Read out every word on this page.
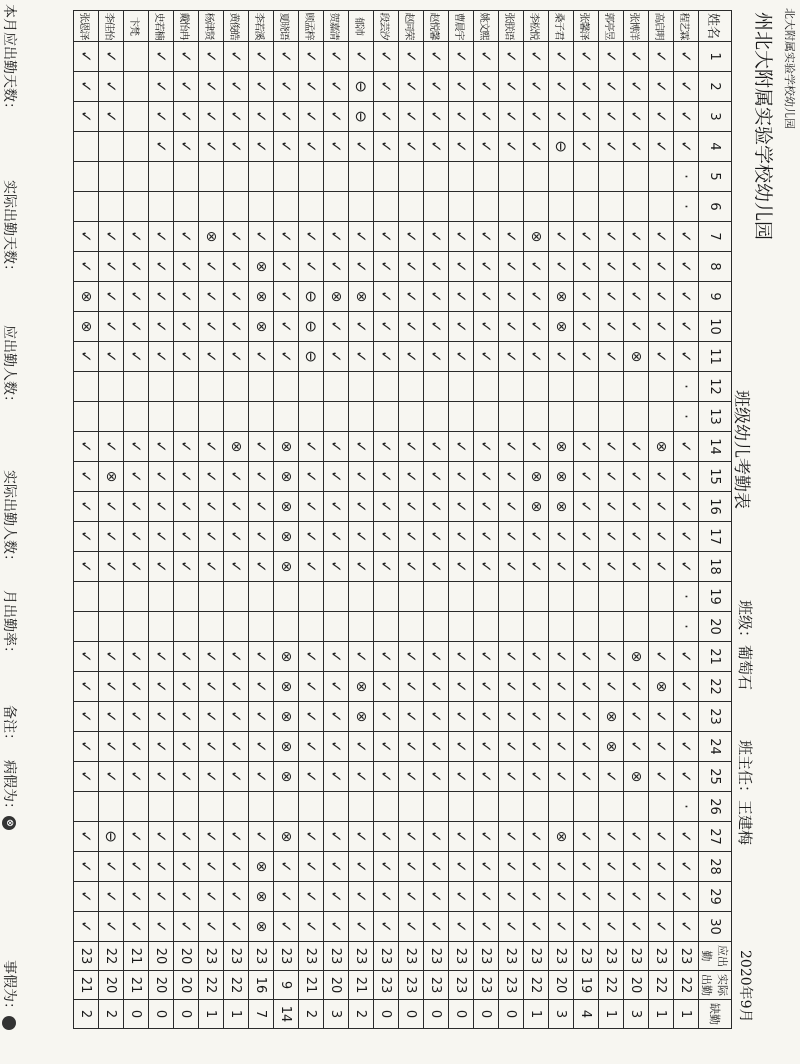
北大附属实验学校幼儿园
州北大附属实验学校幼儿园
班级幼儿考勤表
班级：葡萄石
班主任：王建梅
2020年9月
姓名	1	2	3	4	5	6	7	8	9	10	11	12	13	14	15	16	17	18	19	20	21	22	23	24	25	26	27	28	29	30	应出勤	实际出勤	缺勤
程艺霖	✓	✓	✓	✓	·	·	✓	✓	✓	✓	✓	·	·	✓	✓	✓	✓	✓	·	·	✓	✓	✓	✓	✓	·	✓	✓	✓	✓	23	22	1
高启明	✓	✓	✓	✓			✓	✓	✓	✓	✓			⊗	✓	✓	✓	✓			✓	⊗	✓	✓	✓		✓	✓	✓	✓	23	22	1
张博洋	✓	✓	✓	✓			✓	✓	✓	✓	⊗			✓	✓	✓	✓	✓			⊗	✓	✓	✓	⊗		✓	✓	✓	✓	23	20	3
郭亭昱	✓	✓	✓	✓			✓	✓	✓	✓	✓			✓	✓	✓	✓	✓			✓	✓	⊗	⊗	✓		✓	✓	✓	✓	23	22	1
张馨泽	✓	✓	✓	✓			✓	✓	✓	✓	✓			✓	✓	✓	✓	✓			✓	✓	✓	✓	✓		✓	✓	✓	✓	23	19	4
桑子君	✓	✓	✓	⊖			✓	✓	⊗	⊗	✓			⊗	⊗	⊗	✓	✓			✓	✓	✓	✓	✓		⊗	✓	✓	✓	23	20	3
李松悦	✓	✓	✓	✓			⊗	✓	✓	✓	✓			✓	⊗	⊗	✓	✓			✓	✓	✓	✓	✓		✓	✓	✓	✓	23	22	1
张朕语	✓	✓	✓	✓			✓	✓	✓	✓	✓			✓	✓	✓	✓	✓			✓	✓	✓	✓	✓		✓	✓	✓	✓	23	23	0
姚文熙	✓	✓	✓	✓			✓	✓	✓	✓	✓			✓	✓	✓	✓	✓			✓	✓	✓	✓	✓		✓	✓	✓	✓	23	23	0
曹晨宇	✓	✓	✓	✓			✓	✓	✓	✓	✓			✓	✓	✓	✓	✓			✓	✓	✓	✓	✓		✓	✓	✓	✓	23	23	0
赵悦馨	✓	✓	✓	✓			✓	✓	✓	✓	✓			✓	✓	✓	✓	✓			✓	✓	✓	✓	✓		✓	✓	✓	✓	23	23	0
赵同荣	✓	✓	✓	✓			✓	✓	✓	✓	✓			✓	✓	✓	✓	✓			✓	✓	✓	✓	✓		✓	✓	✓	✓	23	23	0
段芸汐	✓	✓	✓	✓			✓	✓	✓	✓	✓			✓	✓	✓	✓	✓			✓	✓	✓	✓	✓		✓	✓	✓	✓	23	23	0
郁沛	✓	⊖	⊖	✓			✓	✓	⊗	✓	✓			✓	✓	✓	✓	✓			✓	⊗	⊗	✓	✓		✓	✓	✓	✓	23	21	2
贺嘉清	✓	✓	✓	✓			✓	✓	⊗	✓	✓			✓	✓	✓	✓	✓			✓	✓	✓	✓	✓		✓	✓	✓	✓	23	20	3
顾孟梓	✓	✓	✓	✓			✓	✓	⊖	⊖	⊖			✓	✓	✓	✓	✓			✓	✓	✓	✓	✓		✓	✓	✓	✓	23	21	2
夏晓语	✓	✓	✓	✓			✓	✓	✓	✓	✓			⊗	⊗	⊗	⊗	⊗			⊗	⊗	⊗	⊗	⊗		⊗	✓	✓	✓	23	9	14
李若溪	✓	✓	✓	✓			✓	⊗	⊗	⊗	✓			✓	✓	✓	✓	✓			✓	✓	✓	✓	✓		✓	⊗	⊗	⊗	23	16	7
黄俊皓	✓	✓	✓	✓			✓	✓	✓	✓	✓			⊗	✓	✓	✓	✓			✓	✓	✓	✓	✓		✓	✓	✓	✓	23	22	1
杨津贤	✓	✓	✓	✓			⊗	✓	✓	✓	✓			✓	✓	✓	✓	✓			✓	✓	✓	✓	✓		✓	✓	✓	✓	23	22	1
戴怡冉	✓	✓	✓	✓			✓	✓	✓	✓	✓			✓	✓	✓	✓	✓			✓	✓	✓	✓	✓		✓	✓	✓	✓	20	20	0
史若楠	✓	✓	✓	✓			✓	✓	✓	✓	✓			✓	✓	✓	✓	✓			✓	✓	✓	✓	✓		✓	✓	✓	✓	20	20	0
卞梵							✓	✓	✓	✓	✓			✓	✓	✓	✓	✓			✓	✓	✓	✓	✓		✓	✓	✓	✓	21	21	0
李佳怡	✓	✓	✓				✓	✓	✓	✓	✓			✓	⊗	✓	✓	✓			✓	✓	✓	✓	✓		⊖	✓	✓	✓	22	20	2
张恩泽	✓	✓	✓				✓	✓	⊗	⊗	✓			✓	✓	✓	✓	✓			✓	✓	✓	✓	✓		✓	✓	✓	✓	23	21	2
本月应出勤天数：
实际出勤天数：
应出勤人数：
实际出勤人数：
月出勤率：
备注：
病假为：⊗
事假为：
